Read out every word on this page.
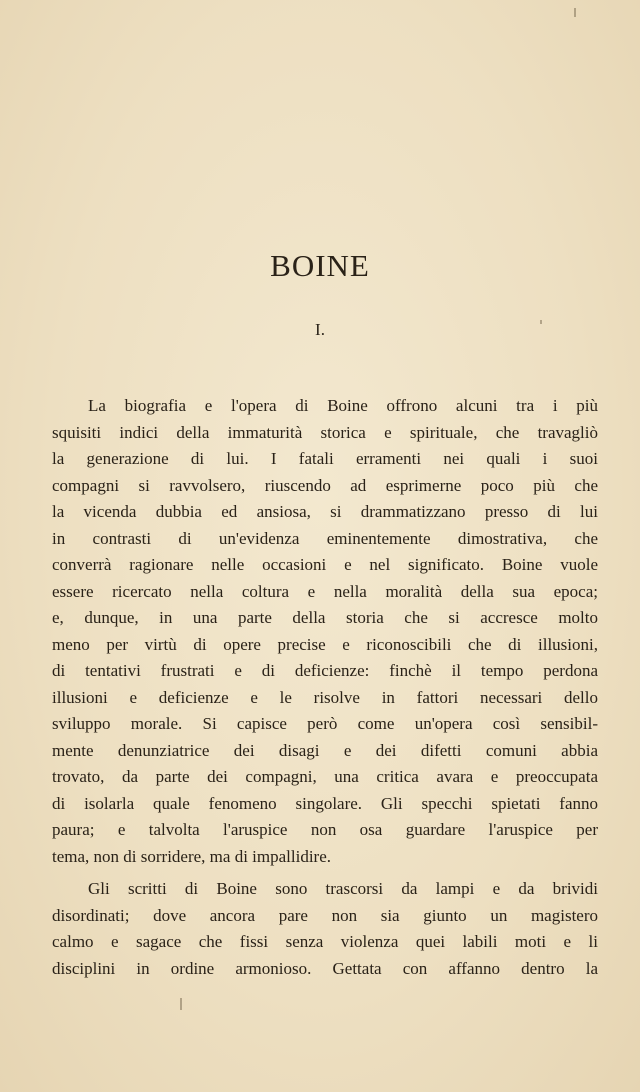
BOINE
I.
La biografia e l'opera di Boine offrono alcuni tra i più
squisiti indici della immaturità storica e spirituale, che travagliò
la generazione di lui. I fatali erramenti nei quali i suoi
compagni si ravvolsero, riuscendo ad esprimerne poco più che
la vicenda dubbia ed ansiosa, si drammatizzano presso di lui
in contrasti di un'evidenza eminentemente dimostrativa, che
converrà ragionare nelle occasioni e nel significato. Boine vuole
essere ricercato nella coltura e nella moralità della sua epoca;
e, dunque, in una parte della storia che si accresce molto
meno per virtù di opere precise e riconoscibili che di illusioni,
di tentativi frustrati e di deficienze: finchè il tempo perdona
illusioni e deficienze e le risolve in fattori necessari dello
sviluppo morale. Si capisce però come un'opera così sensibil-
mente denunziatrice dei disagi e dei difetti comuni abbia
trovato, da parte dei compagni, una critica avara e preoccupata
di isolarla quale fenomeno singolare. Gli specchi spietati fanno
paura; e talvolta l'aruspice non osa guardare l'aruspice per
tema, non di sorridere, ma di impallidire.
Gli scritti di Boine sono trascorsi da lampi e da brividi
disordinati; dove ancora pare non sia giunto un magistero
calmo e sagace che fissi senza violenza quei labili moti e li
disciplini in ordine armonioso. Gettata con affanno dentro la
